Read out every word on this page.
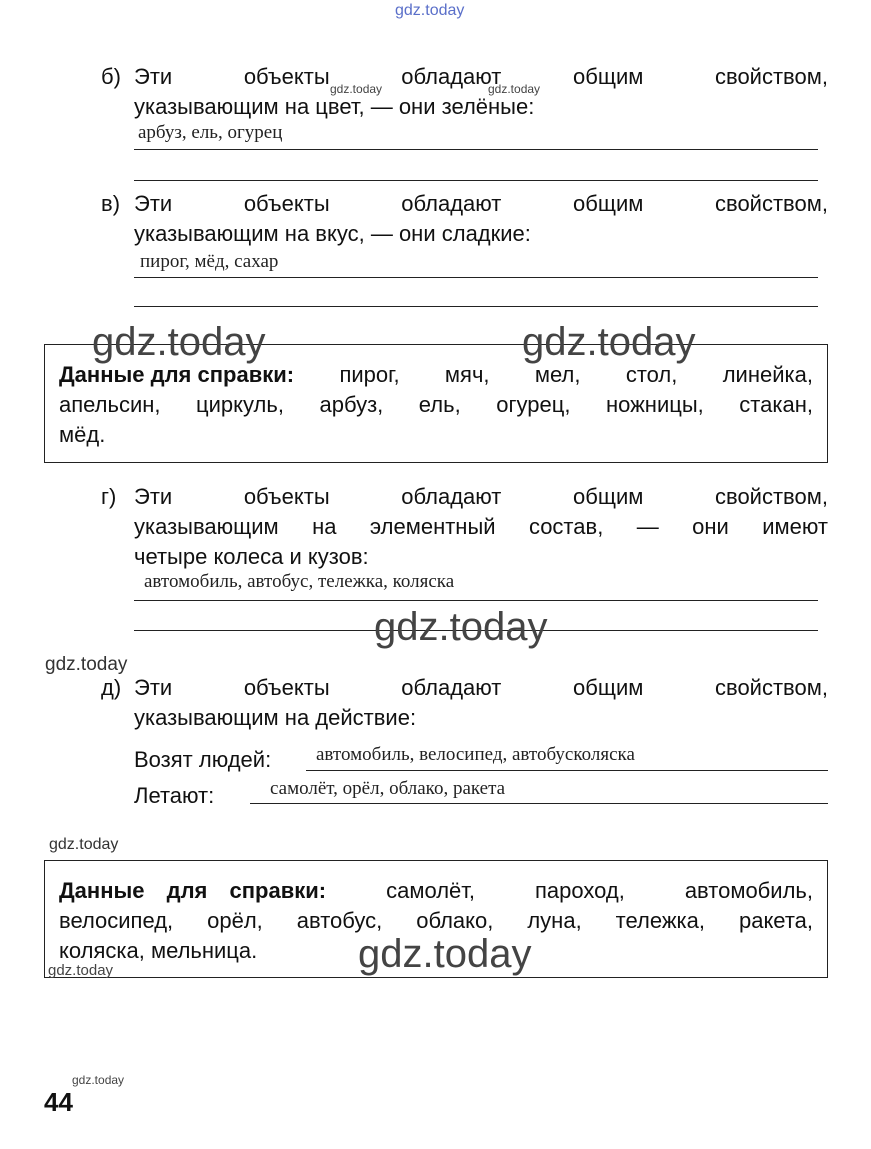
gdz.today
б) Эти	объекты	обладают	общим	свойством,
указывающим на цвет, — они зелёные:
арбуз, ель, огурец
gdz.today	gdz.today
в) Эти	объекты	обладают	общим	свойством,
указывающим на вкус, — они сладкие:
пирог, мёд, сахар
Данные для справки: пирог, мяч, мел, стол, линейка,
апельсин, циркуль, арбуз, ель, огурец, ножницы, стакан,
мёд.
gdz.today	gdz.today
г) Эти	объекты	обладают	общим	свойством,
указывающим на элементный состав, — они имеют
четыре колеса и кузов:
автомобиль, автобус, тележка, коляска
gdz.today
gdz.today
д) Эти	объекты	обладают	общим	свойством,
указывающим на действие:
Возят людей: автомобиль, велосипед, автобусколяска
Летают:	самолёт, орёл, облако, ракета
gdz.today
Данные для справки:	самолёт,	пароход,	автомобиль,
велосипед, орёл, автобус, облако, луна, тележка, ракета,
коляска, мельница.	gdz.today
gdz.today
gdz.today
44
